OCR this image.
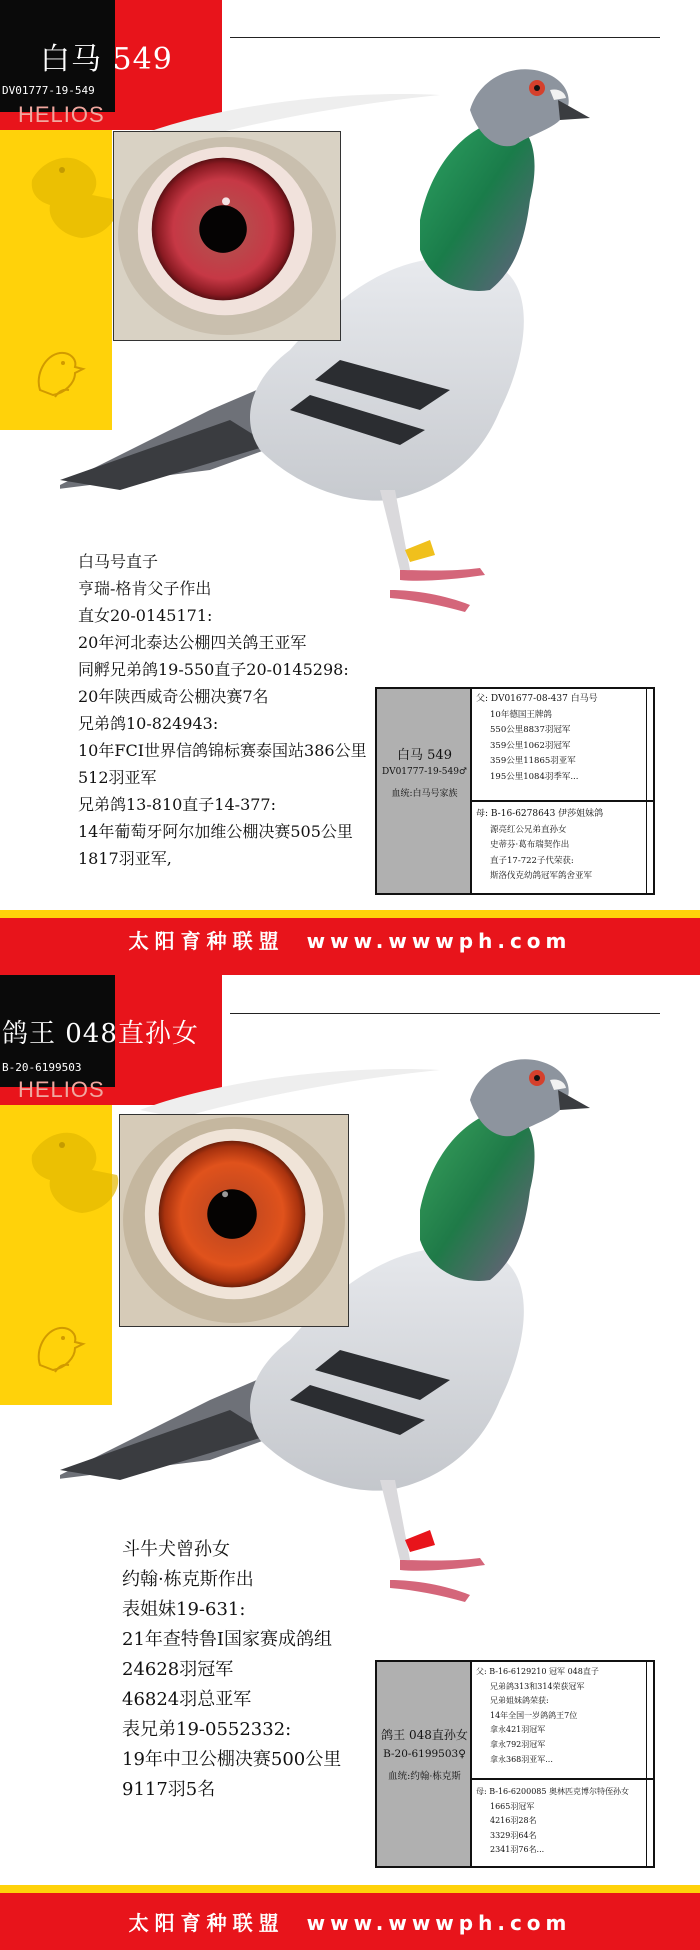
白马 549
DV01777-19-549
HELIOS
白马号直子
亨瑞-格肯父子作出
直女20-0145171:
20年河北泰达公棚四关鸽王亚军
同孵兄弟鸽19-550直子20-0145298:
20年陕西威奇公棚决赛7名
兄弟鸽10-824943:
10年FCI世界信鸽锦标赛泰国站386公里
512羽亚军
兄弟鸽13-810直子14-377:
14年葡萄牙阿尔加维公棚决赛505公里
1817羽亚军,
白马 549
DV01777-19-549♂
血统:白马号家族
父: DV01677-08-437 白马号
10年德国王牌鸽
550公里8837羽冠军
359公里1062羽冠军
359公里11865羽亚军
195公里1084羽季军...
母: B-16-6278643 伊莎姐妹鸽
源亮红公兄弟直孙女
史蒂芬·葛布瑞契作出
直子17-722子代荣获:
斯洛伐克幼鸽冠军鸽舍亚军
太阳育种联盟 www.wwwph.com
鸽王 048直孙女
B-20-6199503
HELIOS
斗牛犬曾孙女
约翰·栋克斯作出
表姐妹19-631:
21年查特鲁I国家赛成鸽组
24628羽冠军
46824羽总亚军
表兄弟19-0552332:
19年中卫公棚决赛500公里
9117羽5名
鸽王 048直孙女
B-20-6199503♀
血统:约翰·栋克斯
父: B-16-6129210 冠军 048直子
兄弟鸽313和314荣获冠军
兄弟姐妹鸽荣获:
14年全国一岁鸽鸽王7位
拿永421羽冠军
拿永792羽冠军
拿永368羽亚军...
母: B-16-6200085 奥林匹克博尔特侄孙女
1665羽冠军
4216羽28名
3329羽64名
2341羽76名...
太阳育种联盟 www.wwwph.com
